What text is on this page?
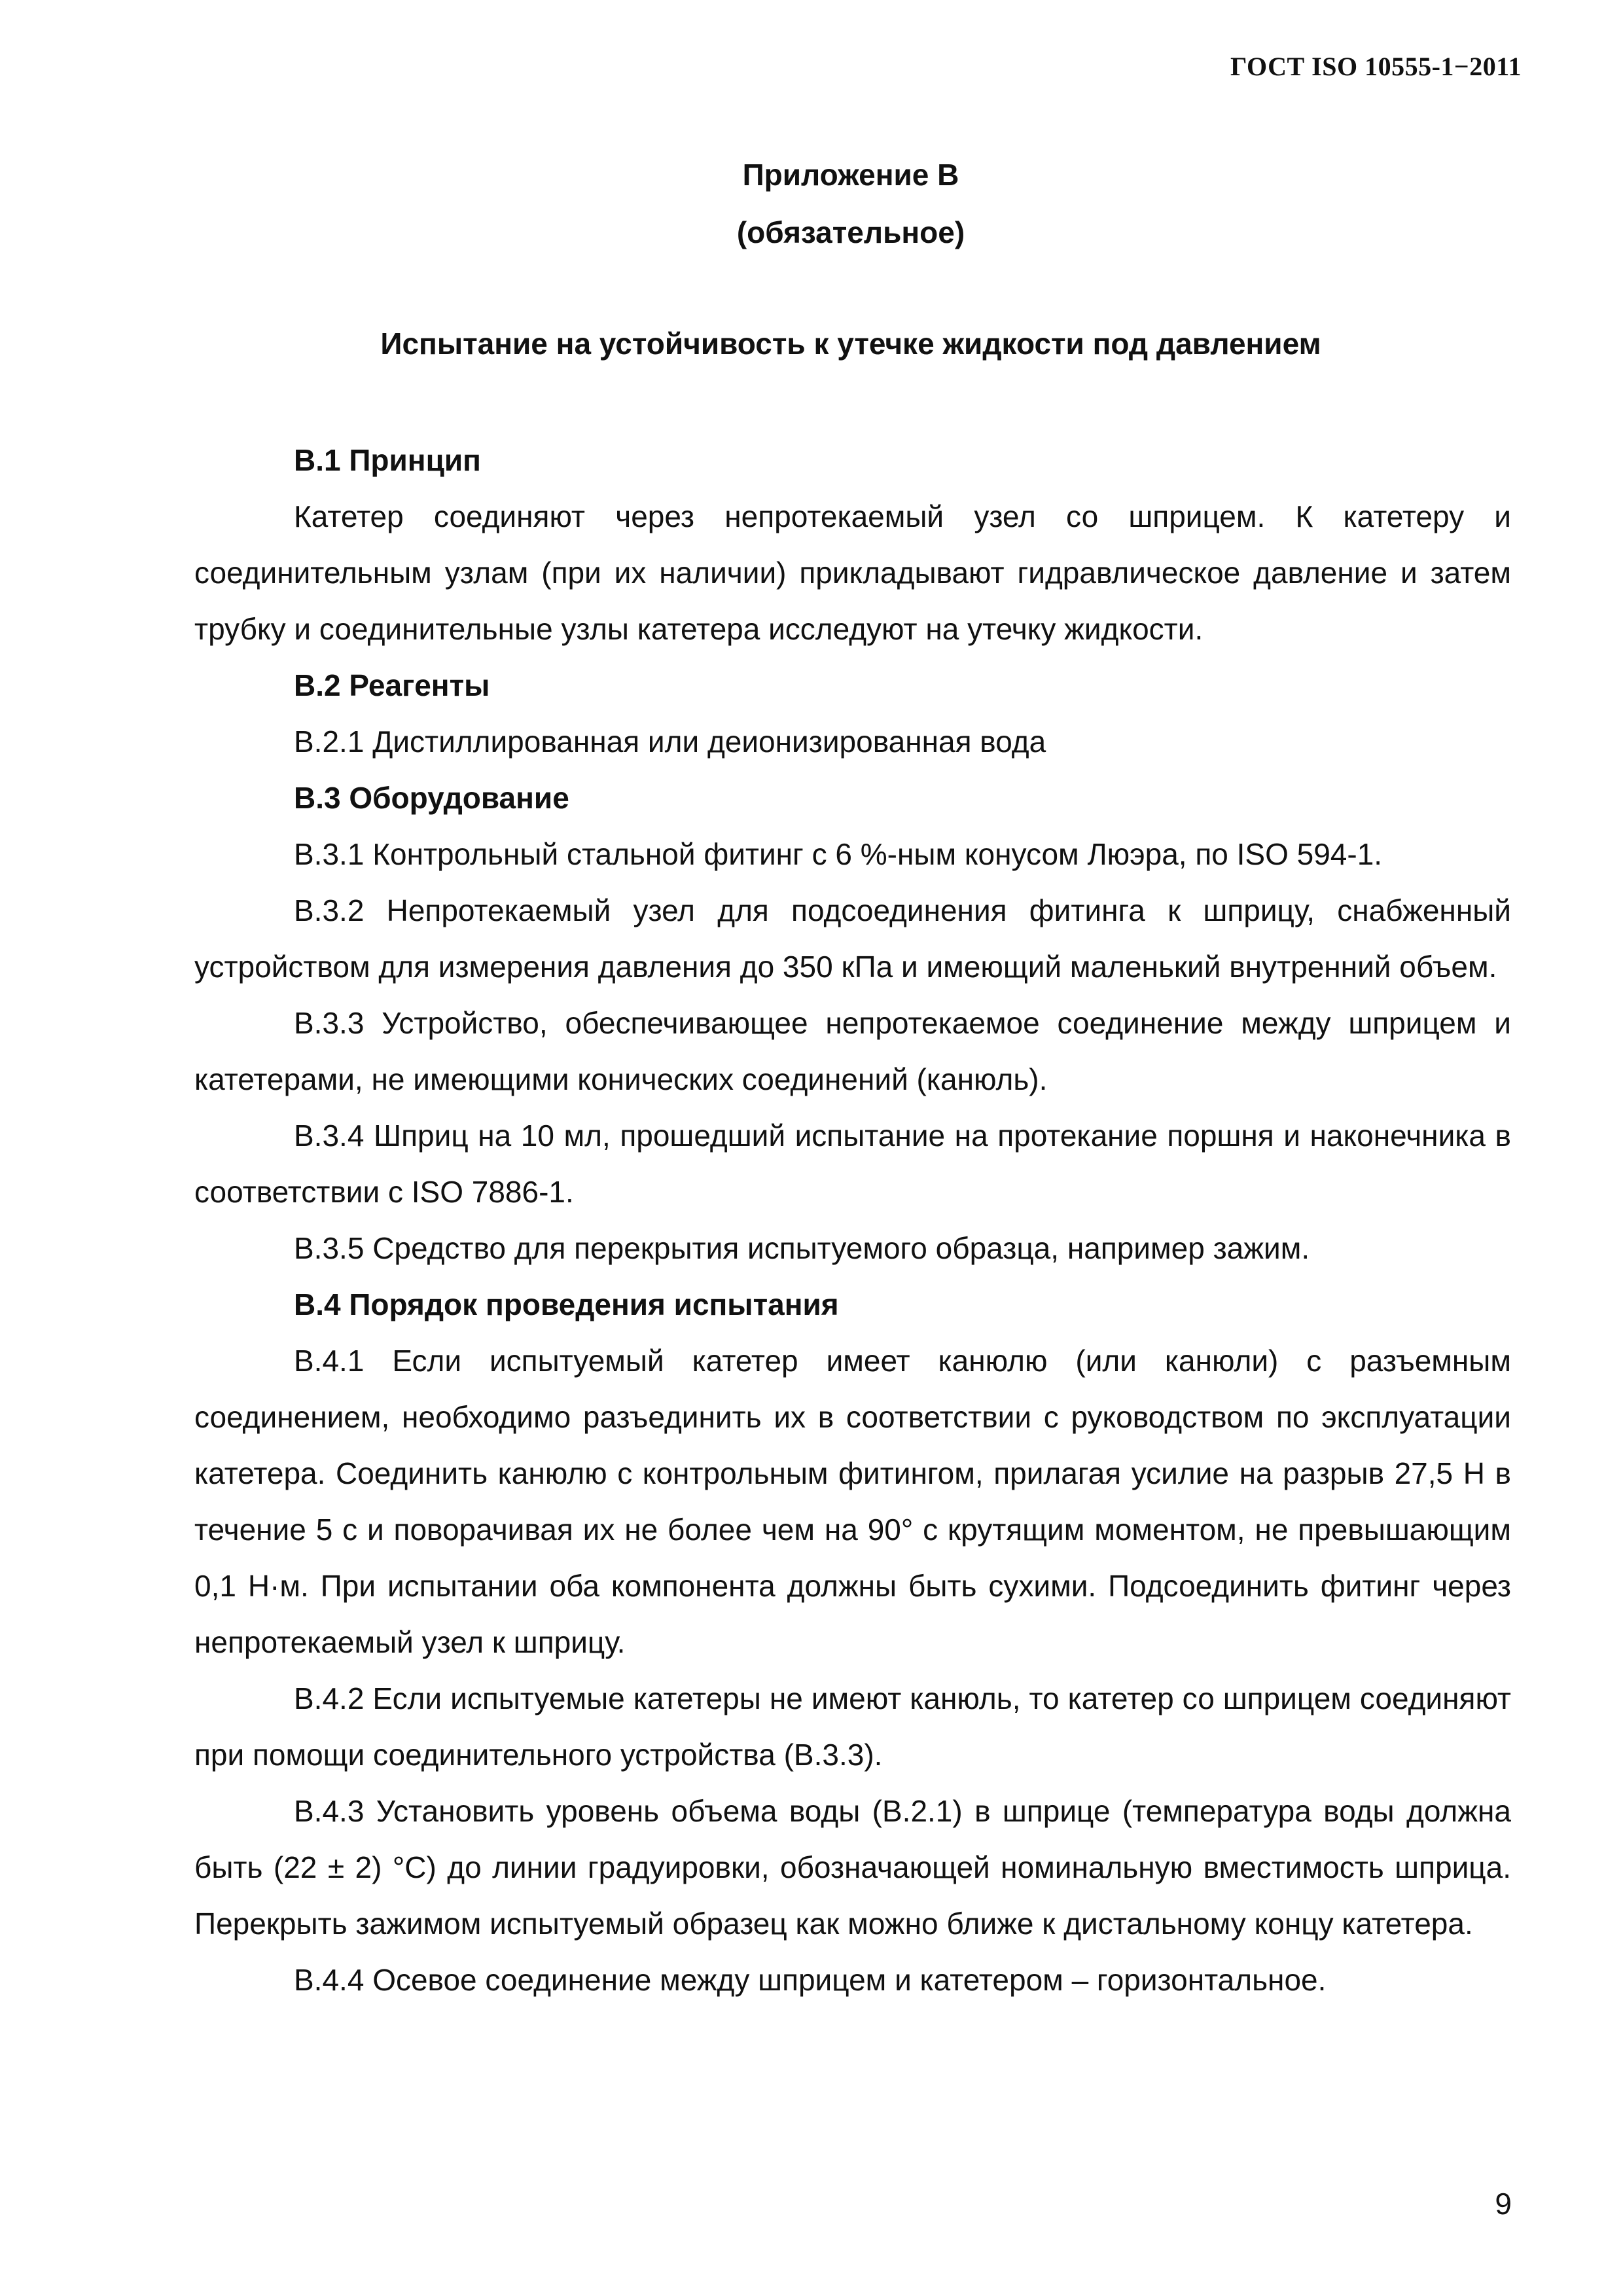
ГОСТ ISO 10555-1−2011
Приложение В
(обязательное)
Испытание на устойчивость к утечке жидкости под давлением

В.1 Принцип

Катетер соединяют через непротекаемый узел со шприцем. К катетеру и соединительным узлам (при их наличии) прикладывают гидравлическое давление и затем трубку и соединительные узлы катетера исследуют на утечку жидкости.

В.2 Реагенты

В.2.1 Дистиллированная или деионизированная вода

В.3 Оборудование

В.3.1 Контрольный стальной фитинг с 6 %-ным конусом Люэра, по ISO 594-1.

В.3.2 Непротекаемый узел для подсоединения фитинга к шприцу, снабженный устройством для измерения давления до 350 кПа и имеющий маленький внутренний объем.

В.3.3 Устройство, обеспечивающее непротекаемое соединение между шприцем и катетерами, не имеющими конических соединений (канюль).

В.3.4 Шприц на 10 мл, прошедший испытание на протекание поршня и наконечника в соответствии с ISO 7886-1.

В.3.5 Средство для перекрытия испытуемого образца, например зажим.

В.4 Порядок проведения испытания

В.4.1 Если испытуемый катетер имеет канюлю (или канюли) с разъемным соединением, необходимо разъединить их в соответствии с руководством по эксплуатации катетера. Соединить канюлю с контрольным фитингом, прилагая усилие на разрыв 27,5 Н в течение 5 с и поворачивая их не более чем на 90° с крутящим моментом, не превышающим 0,1 Н·м. При испытании оба компонента должны быть сухими. Подсоединить фитинг через непротекаемый узел к шприцу.

В.4.2 Если испытуемые катетеры не имеют канюль, то катетер со шприцем соединяют при помощи соединительного устройства (В.3.3).

В.4.3 Установить уровень объема воды (В.2.1) в шприце (температура воды должна быть (22 ± 2) °С) до линии градуировки, обозначающей номинальную вместимость шприца. Перекрыть зажимом испытуемый образец как можно ближе к дистальному концу катетера.

В.4.4 Осевое соединение между шприцем и катетером – горизонтальное.

9
